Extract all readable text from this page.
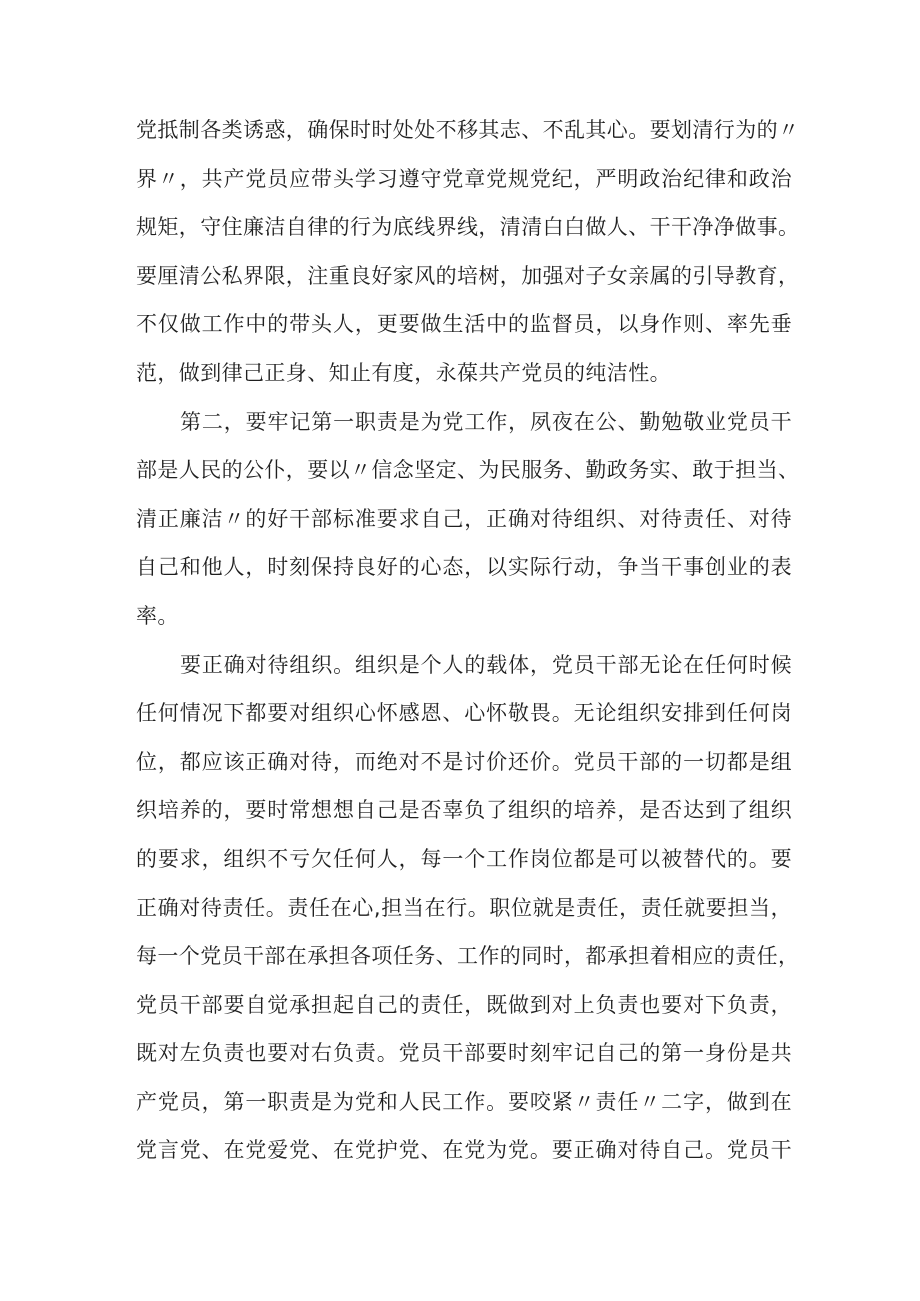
党抵制各类诱惑，确保时时处处不移其志、不乱其心。要划清行为的〃
界〃，共产党员应带头学习遵守党章党规党纪，严明政治纪律和政治
规矩，守住廉洁自律的行为底线界线，清清白白做人、干干净净做事。
要厘清公私界限，注重良好家风的培树，加强对子女亲属的引导教育，
不仅做工作中的带头人，更要做生活中的监督员，以身作则、率先垂
范，做到律己正身、知止有度，永葆共产党员的纯洁性。
第二，要牢记第一职责是为党工作，夙夜在公、勤勉敬业党员干
部是人民的公仆，要以〃信念坚定、为民服务、勤政务实、敢于担当、
清正廉洁〃的好干部标准要求自己，正确对待组织、对待责任、对待
自己和他人，时刻保持良好的心态，以实际行动，争当干事创业的表
率。
要正确对待组织。组织是个人的载体，党员干部无论在任何时候
任何情况下都要对组织心怀感恩、心怀敬畏。无论组织安排到任何岗
位，都应该正确对待，而绝对不是讨价还价。党员干部的一切都是组
织培养的，要时常想想自己是否辜负了组织的培养，是否达到了组织
的要求，组织不亏欠任何人，每一个工作岗位都是可以被替代的。要
正确对待责任。责任在心,担当在行。职位就是责任，责任就要担当，
每一个党员干部在承担各项任务、工作的同时，都承担着相应的责任，
党员干部要自觉承担起自己的责任，既做到对上负责也要对下负责，
既对左负责也要对右负责。党员干部要时刻牢记自己的第一身份是共
产党员，第一职责是为党和人民工作。要咬紧〃责任〃二字，做到在
党言党、在党爱党、在党护党、在党为党。要正确对待自己。党员干
